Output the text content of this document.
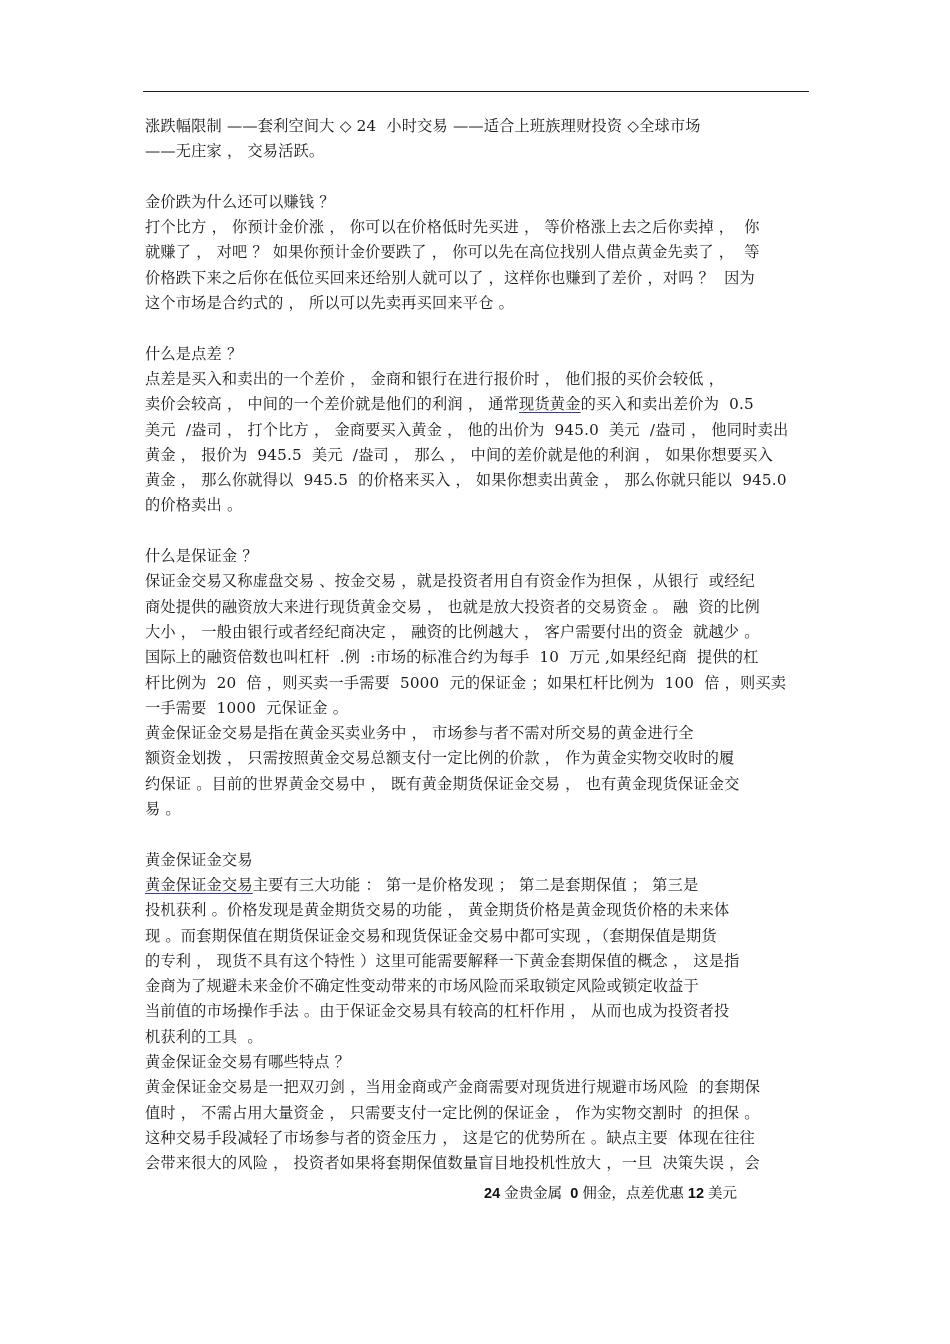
涨跌幅限制 ——套利空间大 ◇ 24  小时交易 ——适合上班族理财投资 ◇全球市场
——无庄家 ， 交易活跃。
金价跌为什么还可以赚钱 ？
打个比方 ， 你预计金价涨 ， 你可以在价格低时先买进 ， 等价格涨上去之后你卖掉 ，  你
就赚了 ， 对吧 ？ 如果你预计金价要跌了 ， 你可以先在高位找别人借点黄金先卖了 ，  等
价格跌下来之后你在低位买回来还给别人就可以了 ，这样你也赚到了差价 ，对吗 ？  因为
这个市场是合约式的 ， 所以可以先卖再买回来平仓 。
什么是点差 ？
点差是买入和卖出的一个差价 ， 金商和银行在进行报价时 ， 他们报的买价会较低 ，
卖价会较高 ， 中间的一个差价就是他们的利润 ， 通常现货黄金的买入和卖出差价为  0.5
美元  /盎司 ， 打个比方 ， 金商要买入黄金 ， 他的出价为  945.0  美元  /盎司 ， 他同时卖出
黄金 ， 报价为  945.5  美元  /盎司 ， 那么 ， 中间的差价就是他的利润 ， 如果你想要买入
黄金 ， 那么你就得以  945.5  的价格来买入 ， 如果你想卖出黄金 ， 那么你就只能以  945.0
的价格卖出 。
什么是保证金 ？
保证金交易又称虚盘交易 、按金交易 ，就是投资者用自有资金作为担保 ，从银行  或经纪
商处提供的融资放大来进行现货黄金交易 ， 也就是放大投资者的交易资金 。 融  资的比例
大小 ， 一般由银行或者经纪商决定 ， 融资的比例越大 ， 客户需要付出的资金  就越少 。
国际上的融资倍数也叫杠杆  .例  :市场的标准合约为每手  10  万元 ,如果经纪商  提供的杠
杆比例为  20  倍 ，则买卖一手需要  5000  元的保证金 ；如果杠杆比例为  100  倍 ，则买卖
一手需要  1000  元保证金 。
黄金保证金交易是指在黄金买卖业务中 ， 市场参与者不需对所交易的黄金进行全
额资金划拨 ， 只需按照黄金交易总额支付一定比例的价款 ， 作为黄金实物交收时的履
约保证 。目前的世界黄金交易中 ， 既有黄金期货保证金交易 ， 也有黄金现货保证金交
易 。
黄金保证金交易
黄金保证金交易主要有三大功能 ： 第一是价格发现 ； 第二是套期保值 ； 第三是
投机获利 。价格发现是黄金期货交易的功能 ， 黄金期货价格是黄金现货价格的未来体
现 。而套期保值在期货保证金交易和现货保证金交易中都可实现 ，（套期保值是期货
的专利 ， 现货不具有这个特性 ）这里可能需要解释一下黄金套期保值的概念 ， 这是指
金商为了规避未来金价不确定性变动带来的市场风险而采取锁定风险或锁定收益于
当前值的市场操作手法 。由于保证金交易具有较高的杠杆作用 ， 从而也成为投资者投
机获利的工具  。
黄金保证金交易有哪些特点 ？
黄金保证金交易是一把双刃剑 ，当用金商或产金商需要对现货进行规避市场风险  的套期保
值时 ， 不需占用大量资金 ， 只需要支付一定比例的保证金 ， 作为实物交割时  的担保 。
这种交易手段减轻了市场参与者的资金压力 ， 这是它的优势所在 。缺点主要  体现在往往
会带来很大的风险 ， 投资者如果将套期保值数量盲目地投机性放大 ，一旦  决策失误 ，会
24 金贵金属  0 佣金，点差优惠 12 美元
